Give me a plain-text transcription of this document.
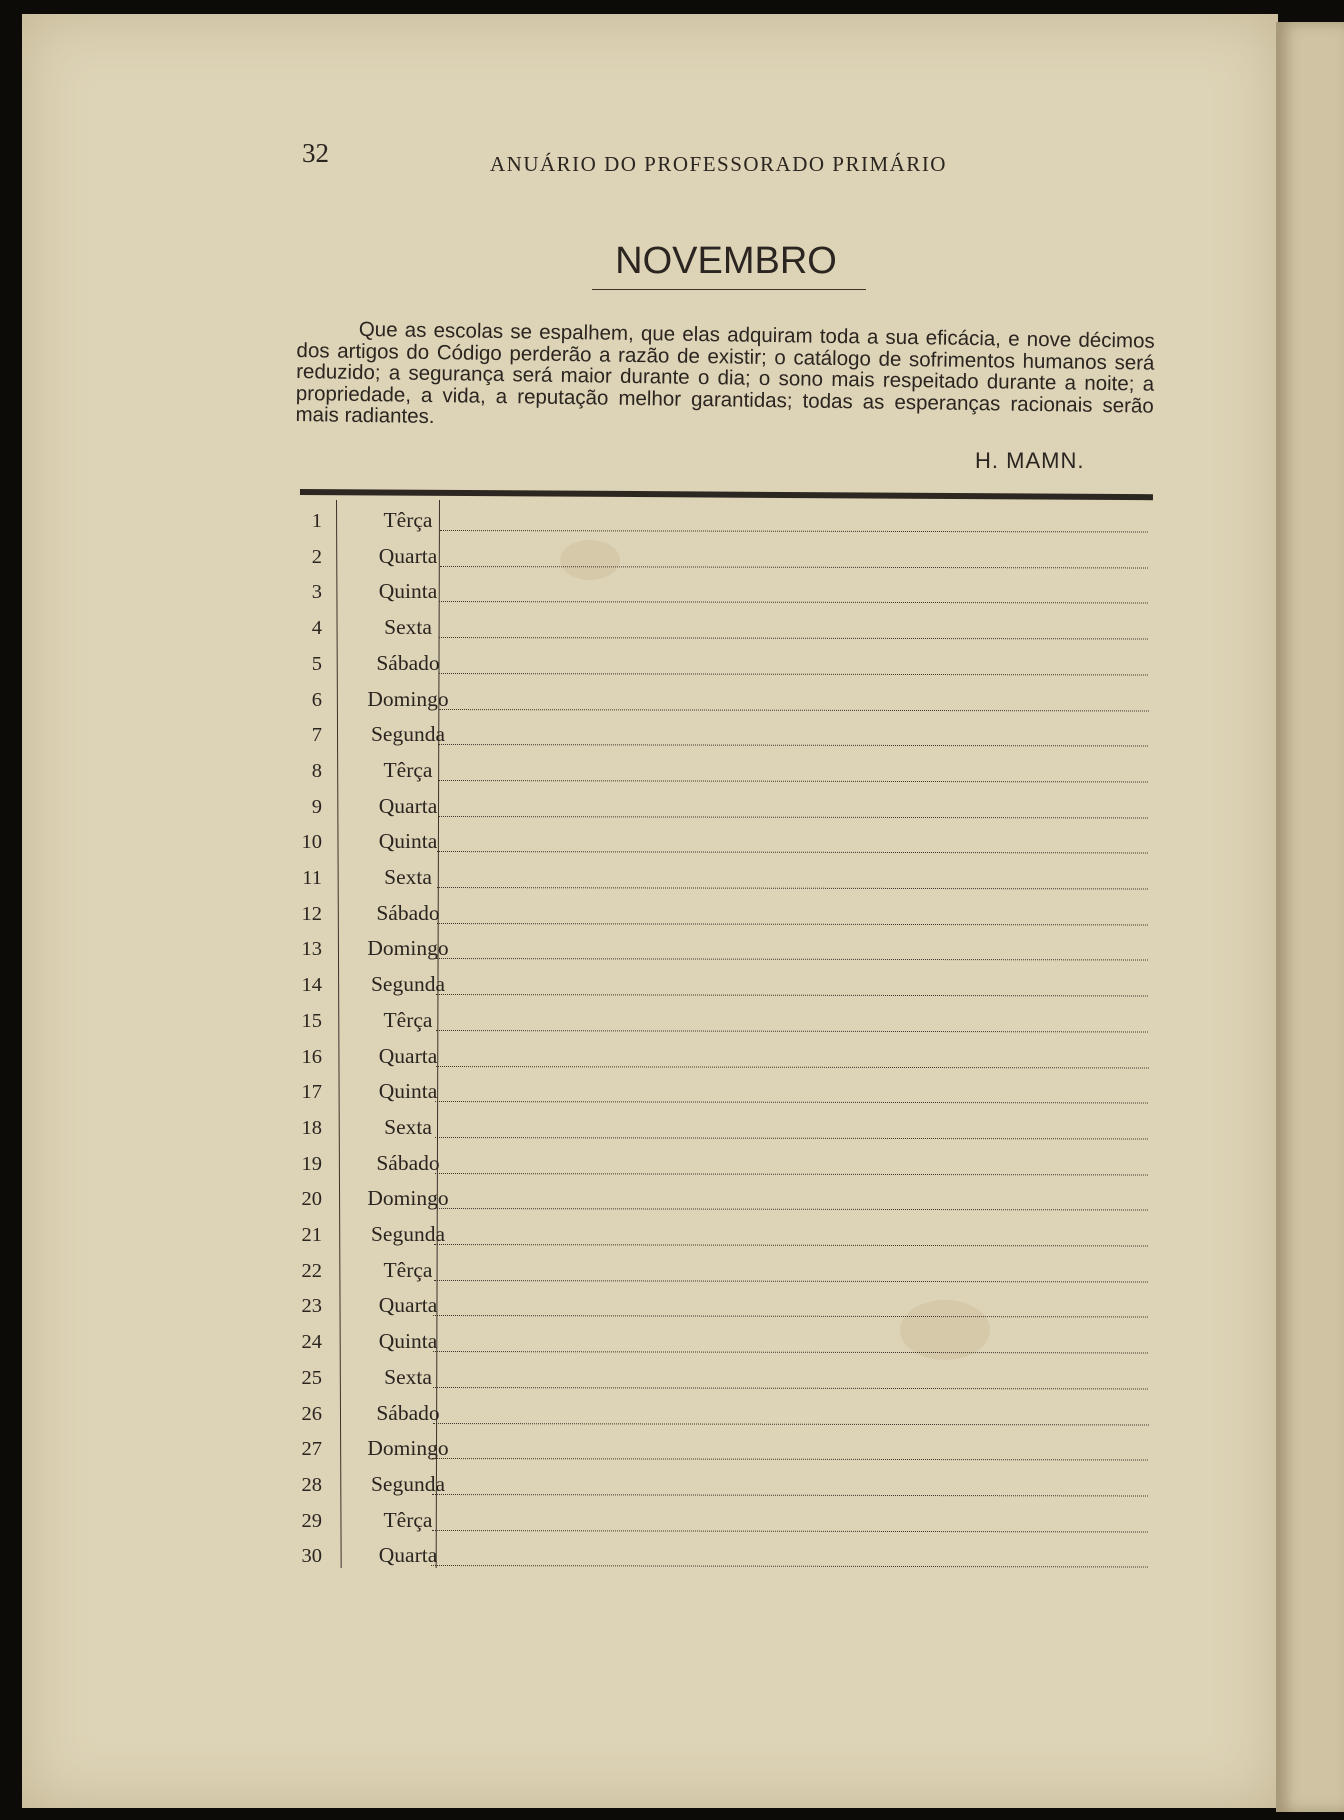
32	ANUÁRIO DO PROFESSORADO PRIMÁRIO
NOVEMBRO
Que as escolas se espalhem, que elas adquiram toda a sua eficácia, e nove décimos dos artigos do Código perderão a razão de existir; o catálogo de sofrimentos humanos será reduzido; a segurança será maior durante o dia; o sono mais respeitado durante a noite; a propriedade, a vida, a reputação melhor garantidas; todas as esperanças racionais serão mais radiantes.
H. MAMN.
1	Têrça
2	Quarta
3	Quinta
4	Sexta
5	Sábado
6	Domingo
7	Segunda
8	Têrça
9	Quarta
10	Quinta
11	Sexta
12	Sábado
13	Domingo
14	Segunda
15	Têrça
16	Quarta
17	Quinta
18	Sexta
19	Sábado
20	Domingo
21	Segunda
22	Têrça
23	Quarta
24	Quinta
25	Sexta
26	Sábado
27	Domingo
28	Segunda
29	Têrça
30	Quarta
